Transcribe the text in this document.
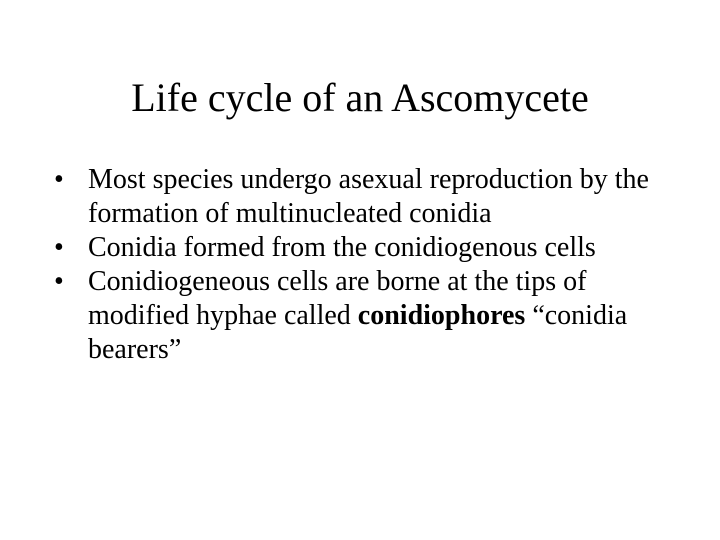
Life cycle of an Ascomycete
• Most species undergo asexual reproduction by the formation of multinucleated conidia
• Conidia formed from the conidiogenous cells
• Conidiogeneous cells are borne at the tips of modified hyphae called conidiophores “conidia bearers”
